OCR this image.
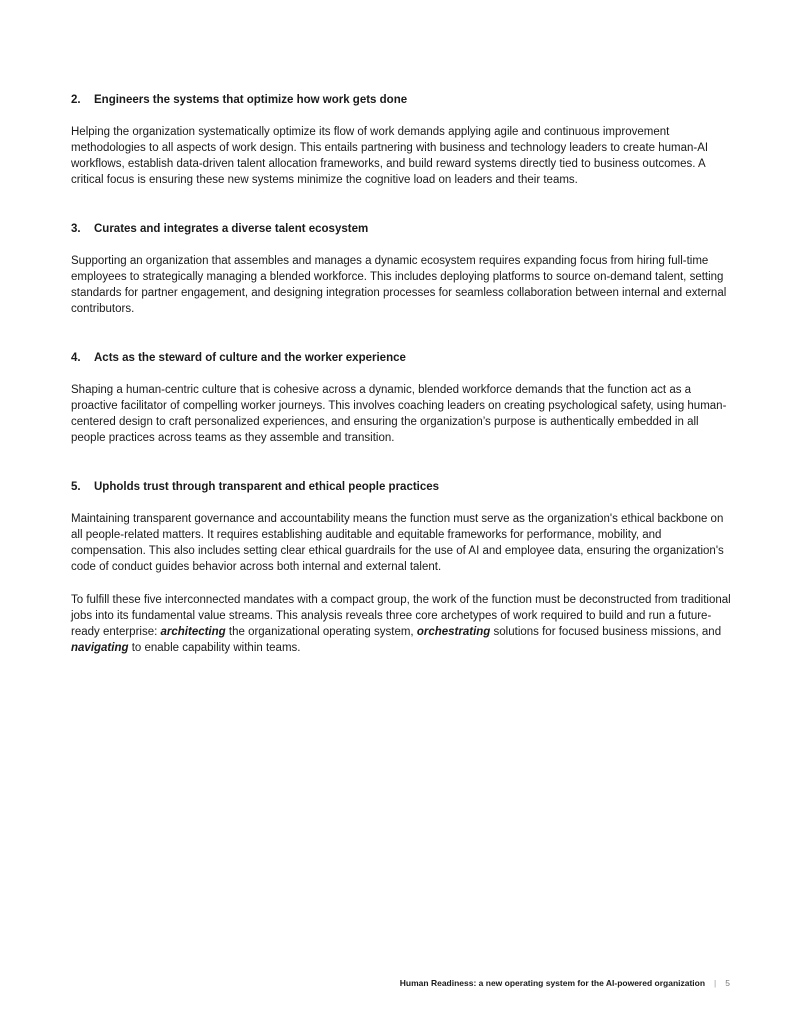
2.	Engineers the systems that optimize how work gets done

Helping the organization systematically optimize its flow of work demands applying agile and continuous improvement methodologies to all aspects of work design. This entails partnering with business and technology leaders to create human-AI workflows, establish data-driven talent allocation frameworks, and build reward systems directly tied to business outcomes. A critical focus is ensuring these new systems minimize the cognitive load on leaders and their teams.

3.	Curates and integrates a diverse talent ecosystem

Supporting an organization that assembles and manages a dynamic ecosystem requires expanding focus from hiring full-time employees to strategically managing a blended workforce. This includes deploying platforms to source on-demand talent, setting standards for partner engagement, and designing integration processes for seamless collaboration between internal and external contributors.

4.	Acts as the steward of culture and the worker experience

Shaping a human-centric culture that is cohesive across a dynamic, blended workforce demands that the function act as a proactive facilitator of compelling worker journeys. This involves coaching leaders on creating psychological safety, using human-centered design to craft personalized experiences, and ensuring the organization’s purpose is authentically embedded in all people practices across teams as they assemble and transition.

5.	Upholds trust through transparent and ethical people practices

Maintaining transparent governance and accountability means the function must serve as the organization's ethical backbone on all people-related matters. It requires establishing auditable and equitable frameworks for performance, mobility, and compensation. This also includes setting clear ethical guardrails for the use of AI and employee data, ensuring the organization's code of conduct guides behavior across both internal and external talent.

To fulfill these five interconnected mandates with a compact group, the work of the function must be deconstructed from traditional jobs into its fundamental value streams. This analysis reveals three core archetypes of work required to build and run a future-ready enterprise: architecting the organizational operating system, orchestrating solutions for focused business missions, and navigating to enable capability within teams.

Human Readiness: a new operating system for the AI-powered organization | 5
